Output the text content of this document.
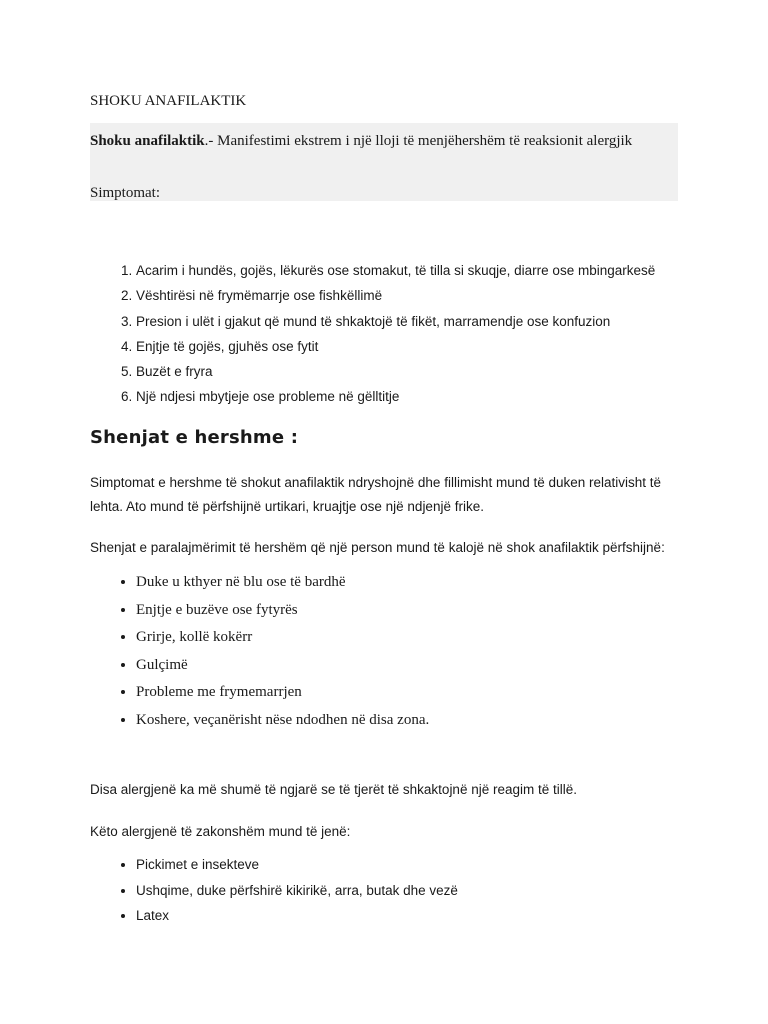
SHOKU ANAFILAKTIK
Shoku anafilaktik.- Manifestimi ekstrem i një lloji të menjëhershëm të reaksionit alergjik
Simptomat:
1. Acarim i hundës, gojës, lëkurës ose stomakut, të tilla si skuqje, diarre ose mbingarkesë
2. Vështirësi në frymëmarrje ose fishkëllimë
3. Presion i ulët i gjakut që mund të shkaktojë të fikët, marramendje ose konfuzion
4. Enjtje të gojës, gjuhës ose fytit
5. Buzët e fryra
6. Një ndjesi mbytjeje ose probleme në gëlltitje
Shenjat e hershme :

Simptomat e hershme të shokut anafilaktik ndryshojnë dhe fillimisht mund të duken relativisht të lehta. Ato mund të përfshijnë urtikari, kruajtje ose një ndjenjë frike.

Shenjat e paralajmërimit të hershëm që një person mund të kalojë në shok anafilaktik përfshijnë:

• Duke u kthyer në blu ose të bardhë
• Enjtje e buzëve ose fytyrës
• Grirje, kollë kokërr
• Gulçimë
• Probleme me frymemarrjen
• Koshere, veçanërisht nëse ndodhen në disa zona.

Disa alergjenë ka më shumë të ngjarë se të tjerët të shkaktojnë një reagim të tillë.

Këto alergjenë të zakonshëm mund të jenë:

• Pickimet e insekteve
• Ushqime, duke përfshirë kikirikë, arra, butak dhe vezë
• Latex
